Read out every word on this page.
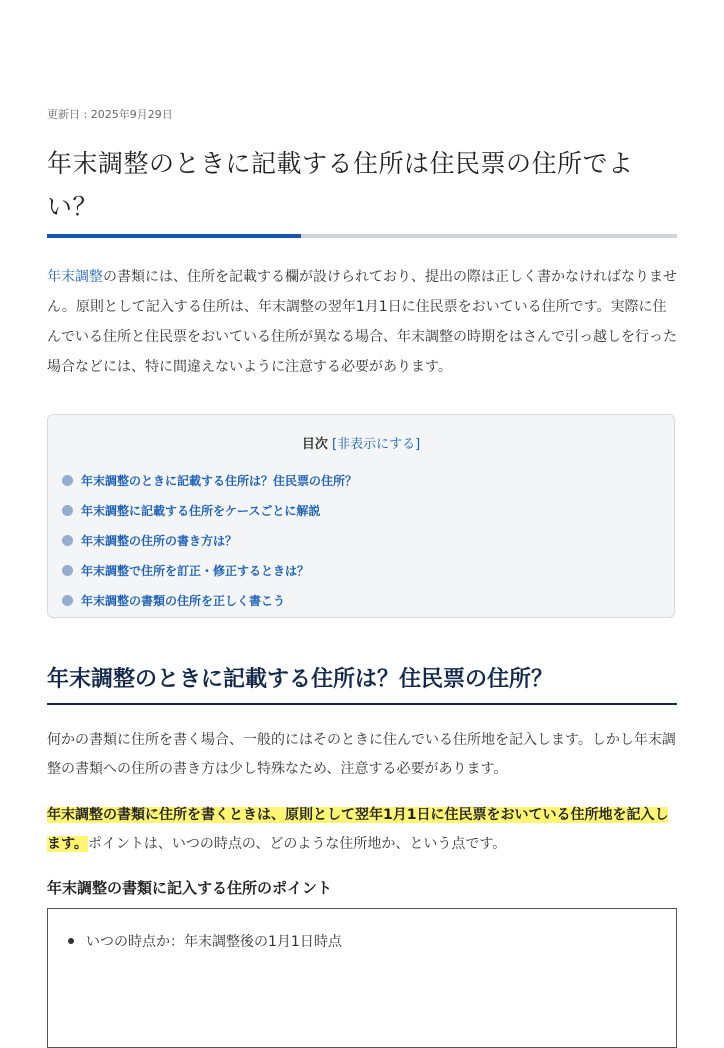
更新日 : 2025年9月29日
年末調整のときに記載する住所は住民票の住所でよい？

年末調整の書類には、住所を記載する欄が設けられており、提出の際は正しく書かなければなりません。原則として記入する住所は、年末調整の翌年1月1日に住民票をおいている住所です。実際に住んでいる住所と住民票をおいている住所が異なる場合、年末調整の時期をはさんで引っ越しを行った場合などには、特に間違えないように注意する必要があります。

目次 [非表示にする]
年末調整のときに記載する住所は？住民票の住所？
年末調整に記載する住所をケースごとに解説
年末調整の住所の書き方は？
年末調整で住所を訂正・修正するときは？
年末調整の書類の住所を正しく書こう
年末調整のときに記載する住所は？住民票の住所？

何かの書類に住所を書く場合、一般的にはそのときに住んでいる住所地を記入します。しかし年末調整の書類への住所の書き方は少し特殊なため、注意する必要があります。

年末調整の書類に住所を書くときは、原則として翌年1月1日に住民票をおいている住所地を記入します。ポイントは、いつの時点の、どのような住所地か、という点です。

年末調整の書類に記入する住所のポイント
いつの時点か：年末調整後の1月1日時点
